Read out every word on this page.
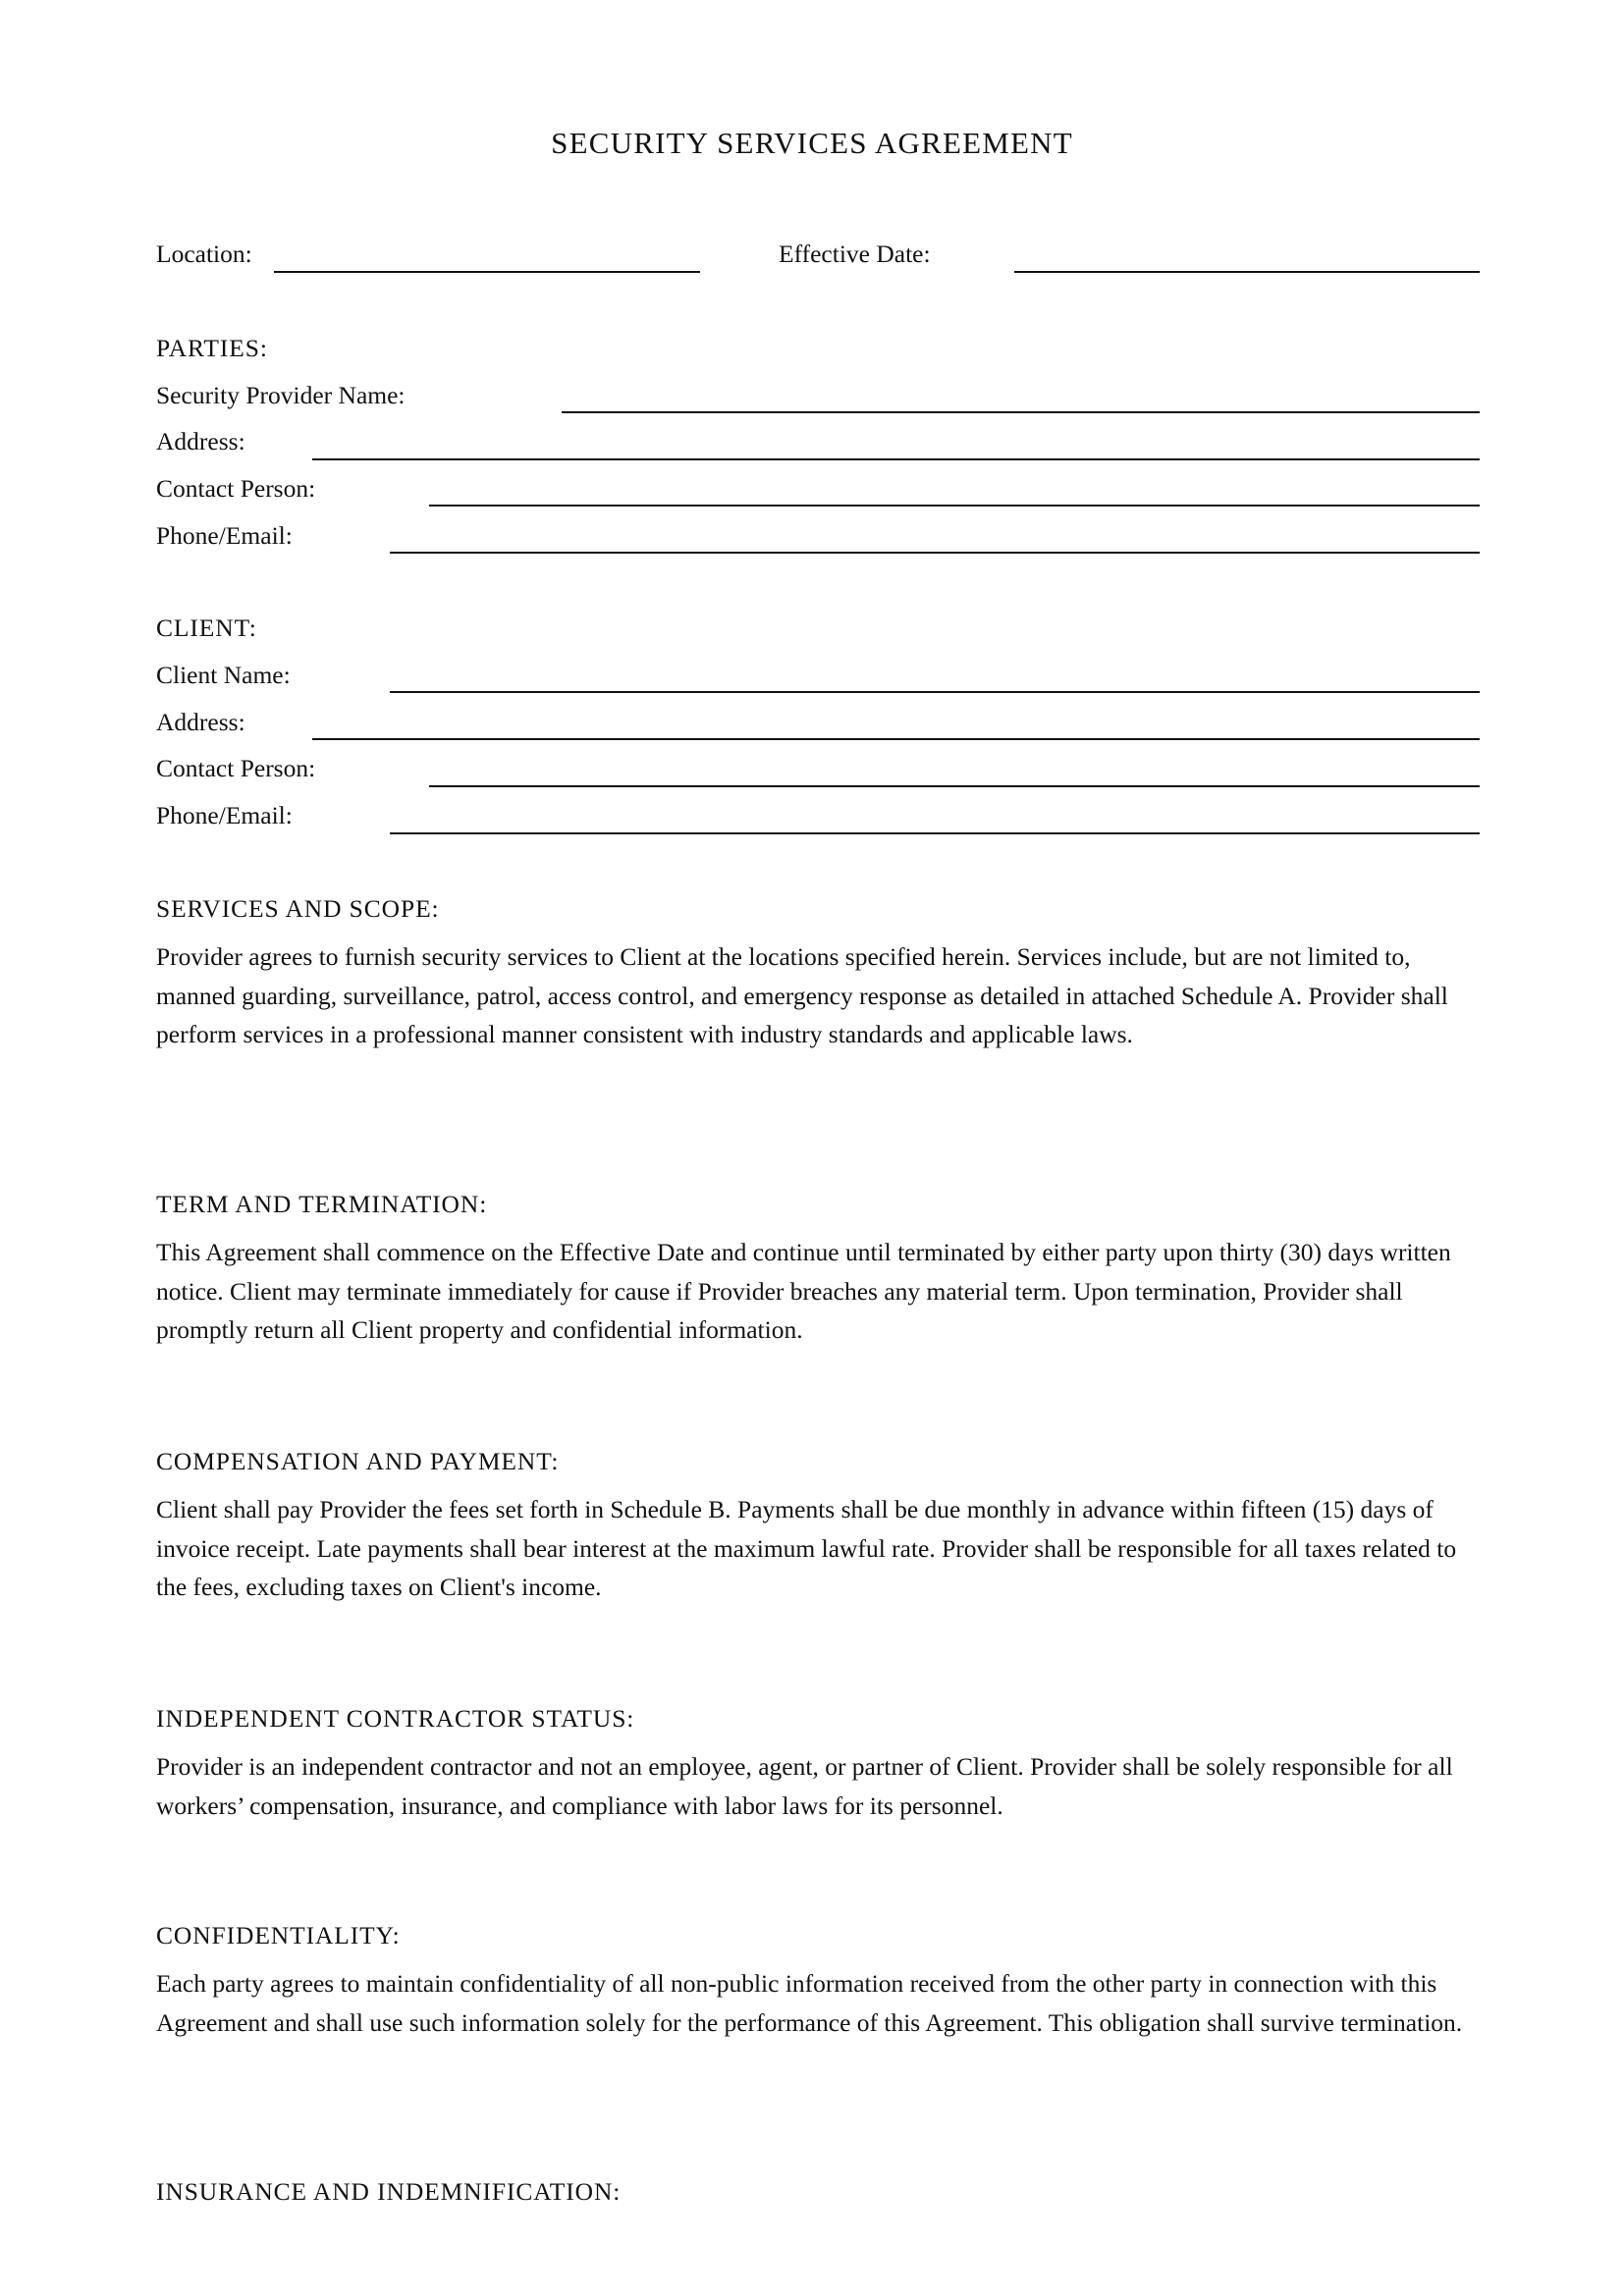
SECURITY SERVICES AGREEMENT
Location:	Effective Date:
PARTIES:
Security Provider Name:
Address:
Contact Person:
Phone/Email:
CLIENT:
Client Name:
Address:
Contact Person:
Phone/Email:
SERVICES AND SCOPE:
Provider agrees to furnish security services to Client at the locations specified herein. Services include, but are not limited to, manned guarding, surveillance, patrol, access control, and emergency response as detailed in attached Schedule A. Provider shall perform services in a professional manner consistent with industry standards and applicable laws.
TERM AND TERMINATION:
This Agreement shall commence on the Effective Date and continue until terminated by either party upon thirty (30) days written notice. Client may terminate immediately for cause if Provider breaches any material term. Upon termination, Provider shall promptly return all Client property and confidential information.
COMPENSATION AND PAYMENT:
Client shall pay Provider the fees set forth in Schedule B. Payments shall be due monthly in advance within fifteen (15) days of invoice receipt. Late payments shall bear interest at the maximum lawful rate. Provider shall be responsible for all taxes related to the fees, excluding taxes on Client's income.
INDEPENDENT CONTRACTOR STATUS:
Provider is an independent contractor and not an employee, agent, or partner of Client. Provider shall be solely responsible for all workers’ compensation, insurance, and compliance with labor laws for its personnel.
CONFIDENTIALITY:
Each party agrees to maintain confidentiality of all non-public information received from the other party in connection with this Agreement and shall use such information solely for the performance of this Agreement. This obligation shall survive termination.
INSURANCE AND INDEMNIFICATION:
